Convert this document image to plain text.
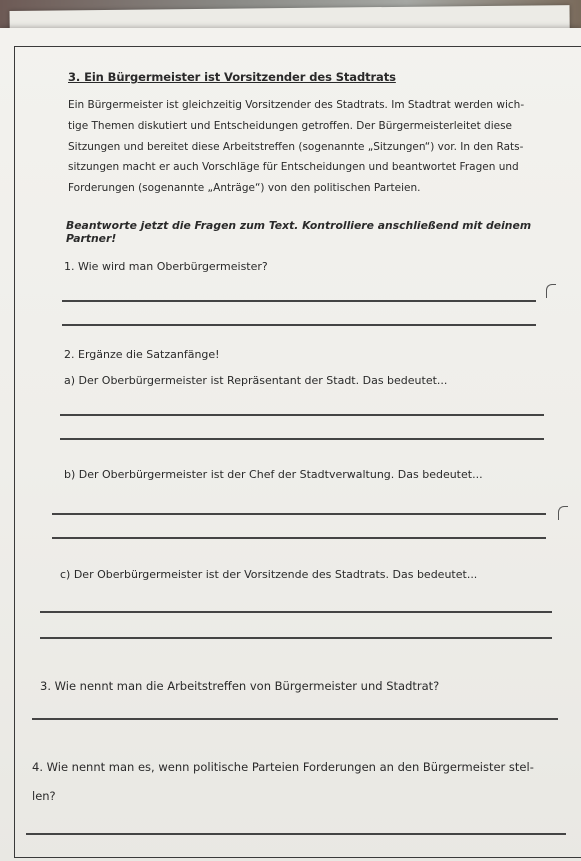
3. Ein Bürgermeister ist Vorsitzender des Stadtrats
Ein Bürgermeister ist gleichzeitig Vorsitzender des Stadtrats. Im Stadtrat werden wich-
tige Themen diskutiert und Entscheidungen getroffen. Der Bürgermeisterleitet diese
Sitzungen und bereitet diese Arbeitstreffen (sogenannte „Sitzungen“) vor. In den Rats-
sitzungen macht er auch Vorschläge für Entscheidungen und beantwortet Fragen und
Forderungen (sogenannte „Anträge“) von den politischen Parteien.
Beantworte jetzt die Fragen zum Text. Kontrolliere anschließend mit deinem Partner!
1. Wie wird man Oberbürgermeister?
2. Ergänze die Satzanfänge!
a) Der Oberbürgermeister ist Repräsentant der Stadt. Das bedeutet...
b) Der Oberbürgermeister ist der Chef der Stadtverwaltung. Das bedeutet...
c) Der Oberbürgermeister ist der Vorsitzende des Stadtrats. Das bedeutet...
3. Wie nennt man die Arbeitstreffen von Bürgermeister und Stadtrat?
4. Wie nennt man es, wenn politische Parteien Forderungen an den Bürgermeister stel-
len?
